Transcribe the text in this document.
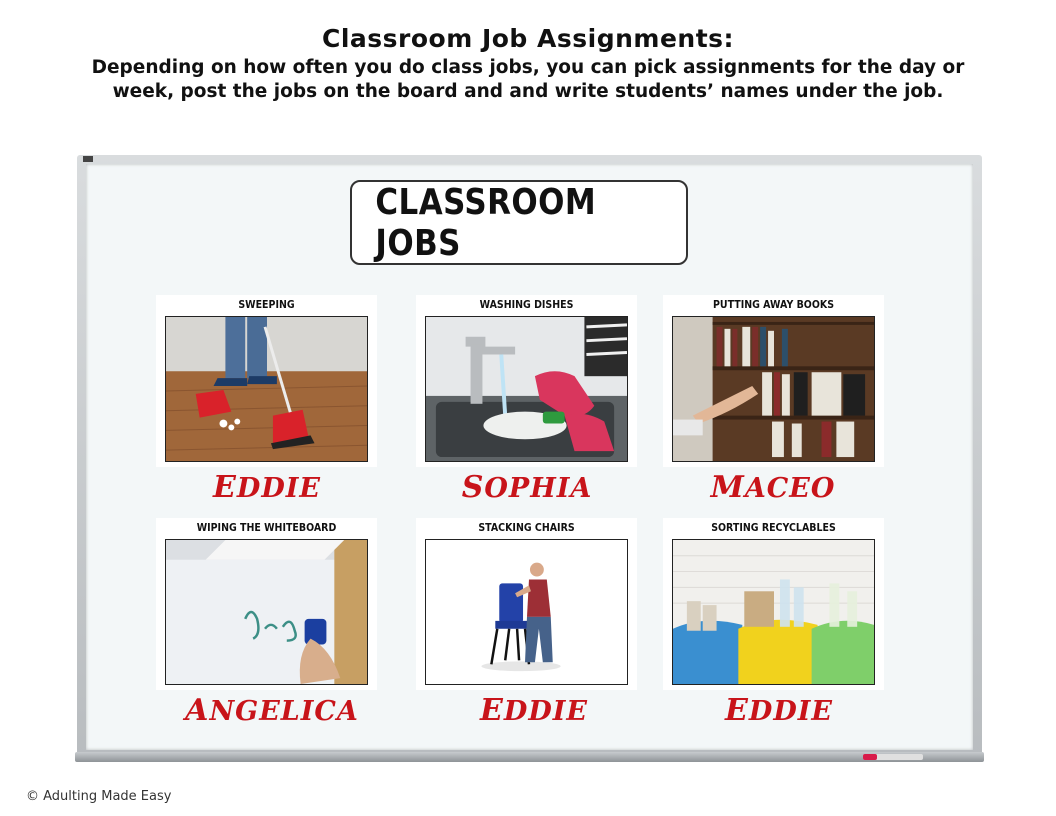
Classroom Job Assignments:
Depending on how often you do class jobs, you can pick assignments for the day or week, post the jobs on the board and and write students’ names under the job.
CLASSROOM JOBS
SWEEPING
EDDIE
WASHING DISHES
SOPHIA
PUTTING AWAY BOOKS
MACEO
WIPING THE WHITEBOARD
ANGELICA
STACKING CHAIRS
EDDIE
SORTING RECYCLABLES
EDDIE
© Adulting Made Easy
